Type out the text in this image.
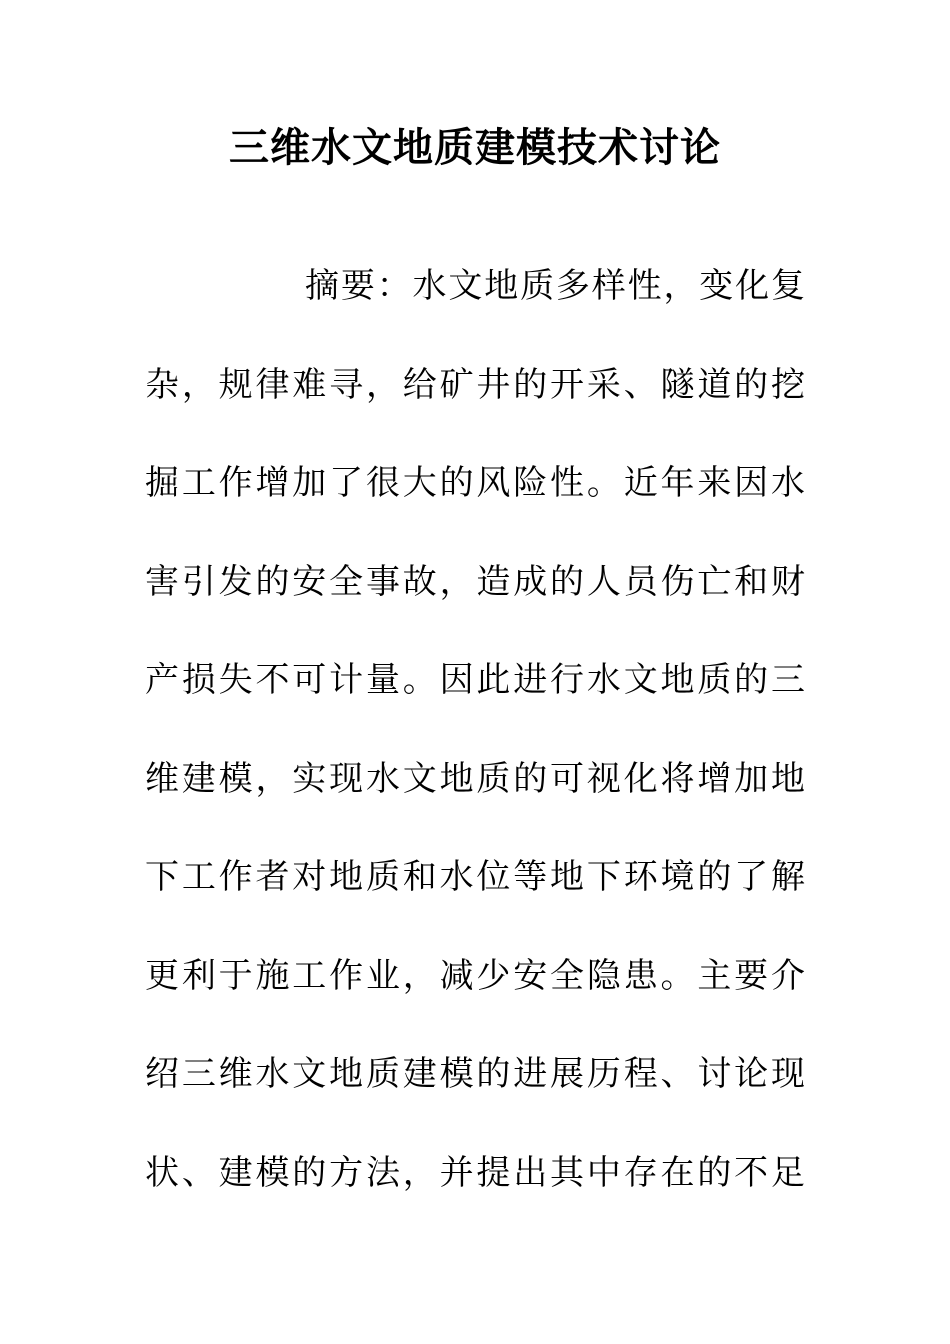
三维水文地质建模技术讨论
摘要：水文地质多样性，变化复
杂，规律难寻，给矿井的开采、隧道的挖
掘工作增加了很大的风险性。近年来因水
害引发的安全事故，造成的人员伤亡和财
产损失不可计量。因此进行水文地质的三
维建模，实现水文地质的可视化将增加地
下工作者对地质和水位等地下环境的了解
更利于施工作业，减少安全隐患。主要介
绍三维水文地质建模的进展历程、讨论现
状、建模的方法，并提出其中存在的不足
